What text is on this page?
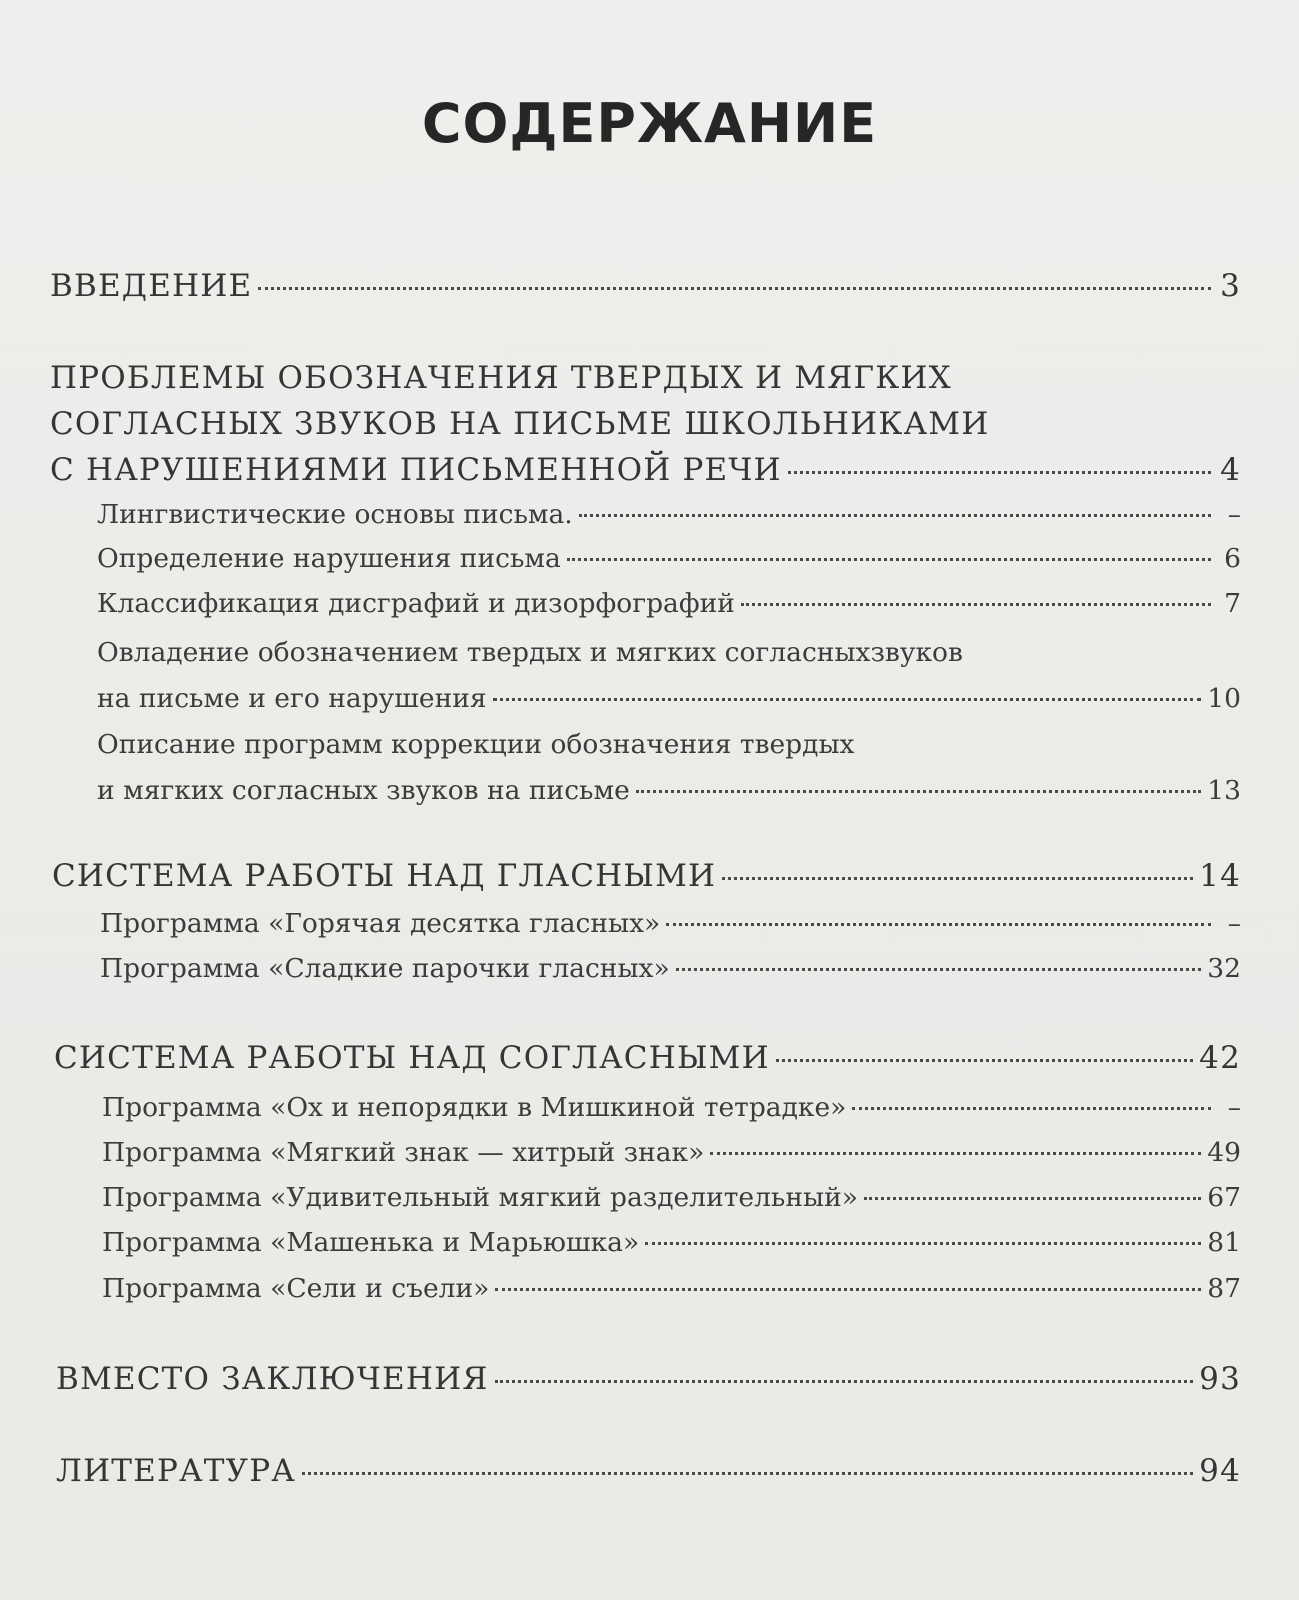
СОДЕРЖАНИЕ
ВВЕДЕНИЕ	3
ПРОБЛЕМЫ ОБОЗНАЧЕНИЯ ТВЕРДЫХ И МЯГКИХ
СОГЛАСНЫХ ЗВУКОВ НА ПИСЬМЕ ШКОЛЬНИКАМИ
С НАРУШЕНИЯМИ ПИСЬМЕННОЙ РЕЧИ	4
Лингвистические основы письма.	–
Определение нарушения письма	6
Классификация дисграфий и дизорфографий	7
Овладение обозначением твердых и мягких согласныхзвуков
на письме и его нарушения	10
Описание программ коррекции обозначения твердых
и мягких согласных звуков на письме	13
СИСТЕМА РАБОТЫ НАД ГЛАСНЫМИ	14
Программа «Горячая десятка гласных»	–
Программа «Сладкие парочки гласных»	32
СИСТЕМА РАБОТЫ НАД СОГЛАСНЫМИ	42
Программа «Ох и непорядки в Мишкиной тетрадке»	–
Программа «Мягкий знак — хитрый знак»	49
Программа «Удивительный мягкий разделительный»	67
Программа «Машенька и Марьюшка»	81
Программа «Сели и съели»	87
ВМЕСТО ЗАКЛЮЧЕНИЯ	93
ЛИТЕРАТУРА	94
